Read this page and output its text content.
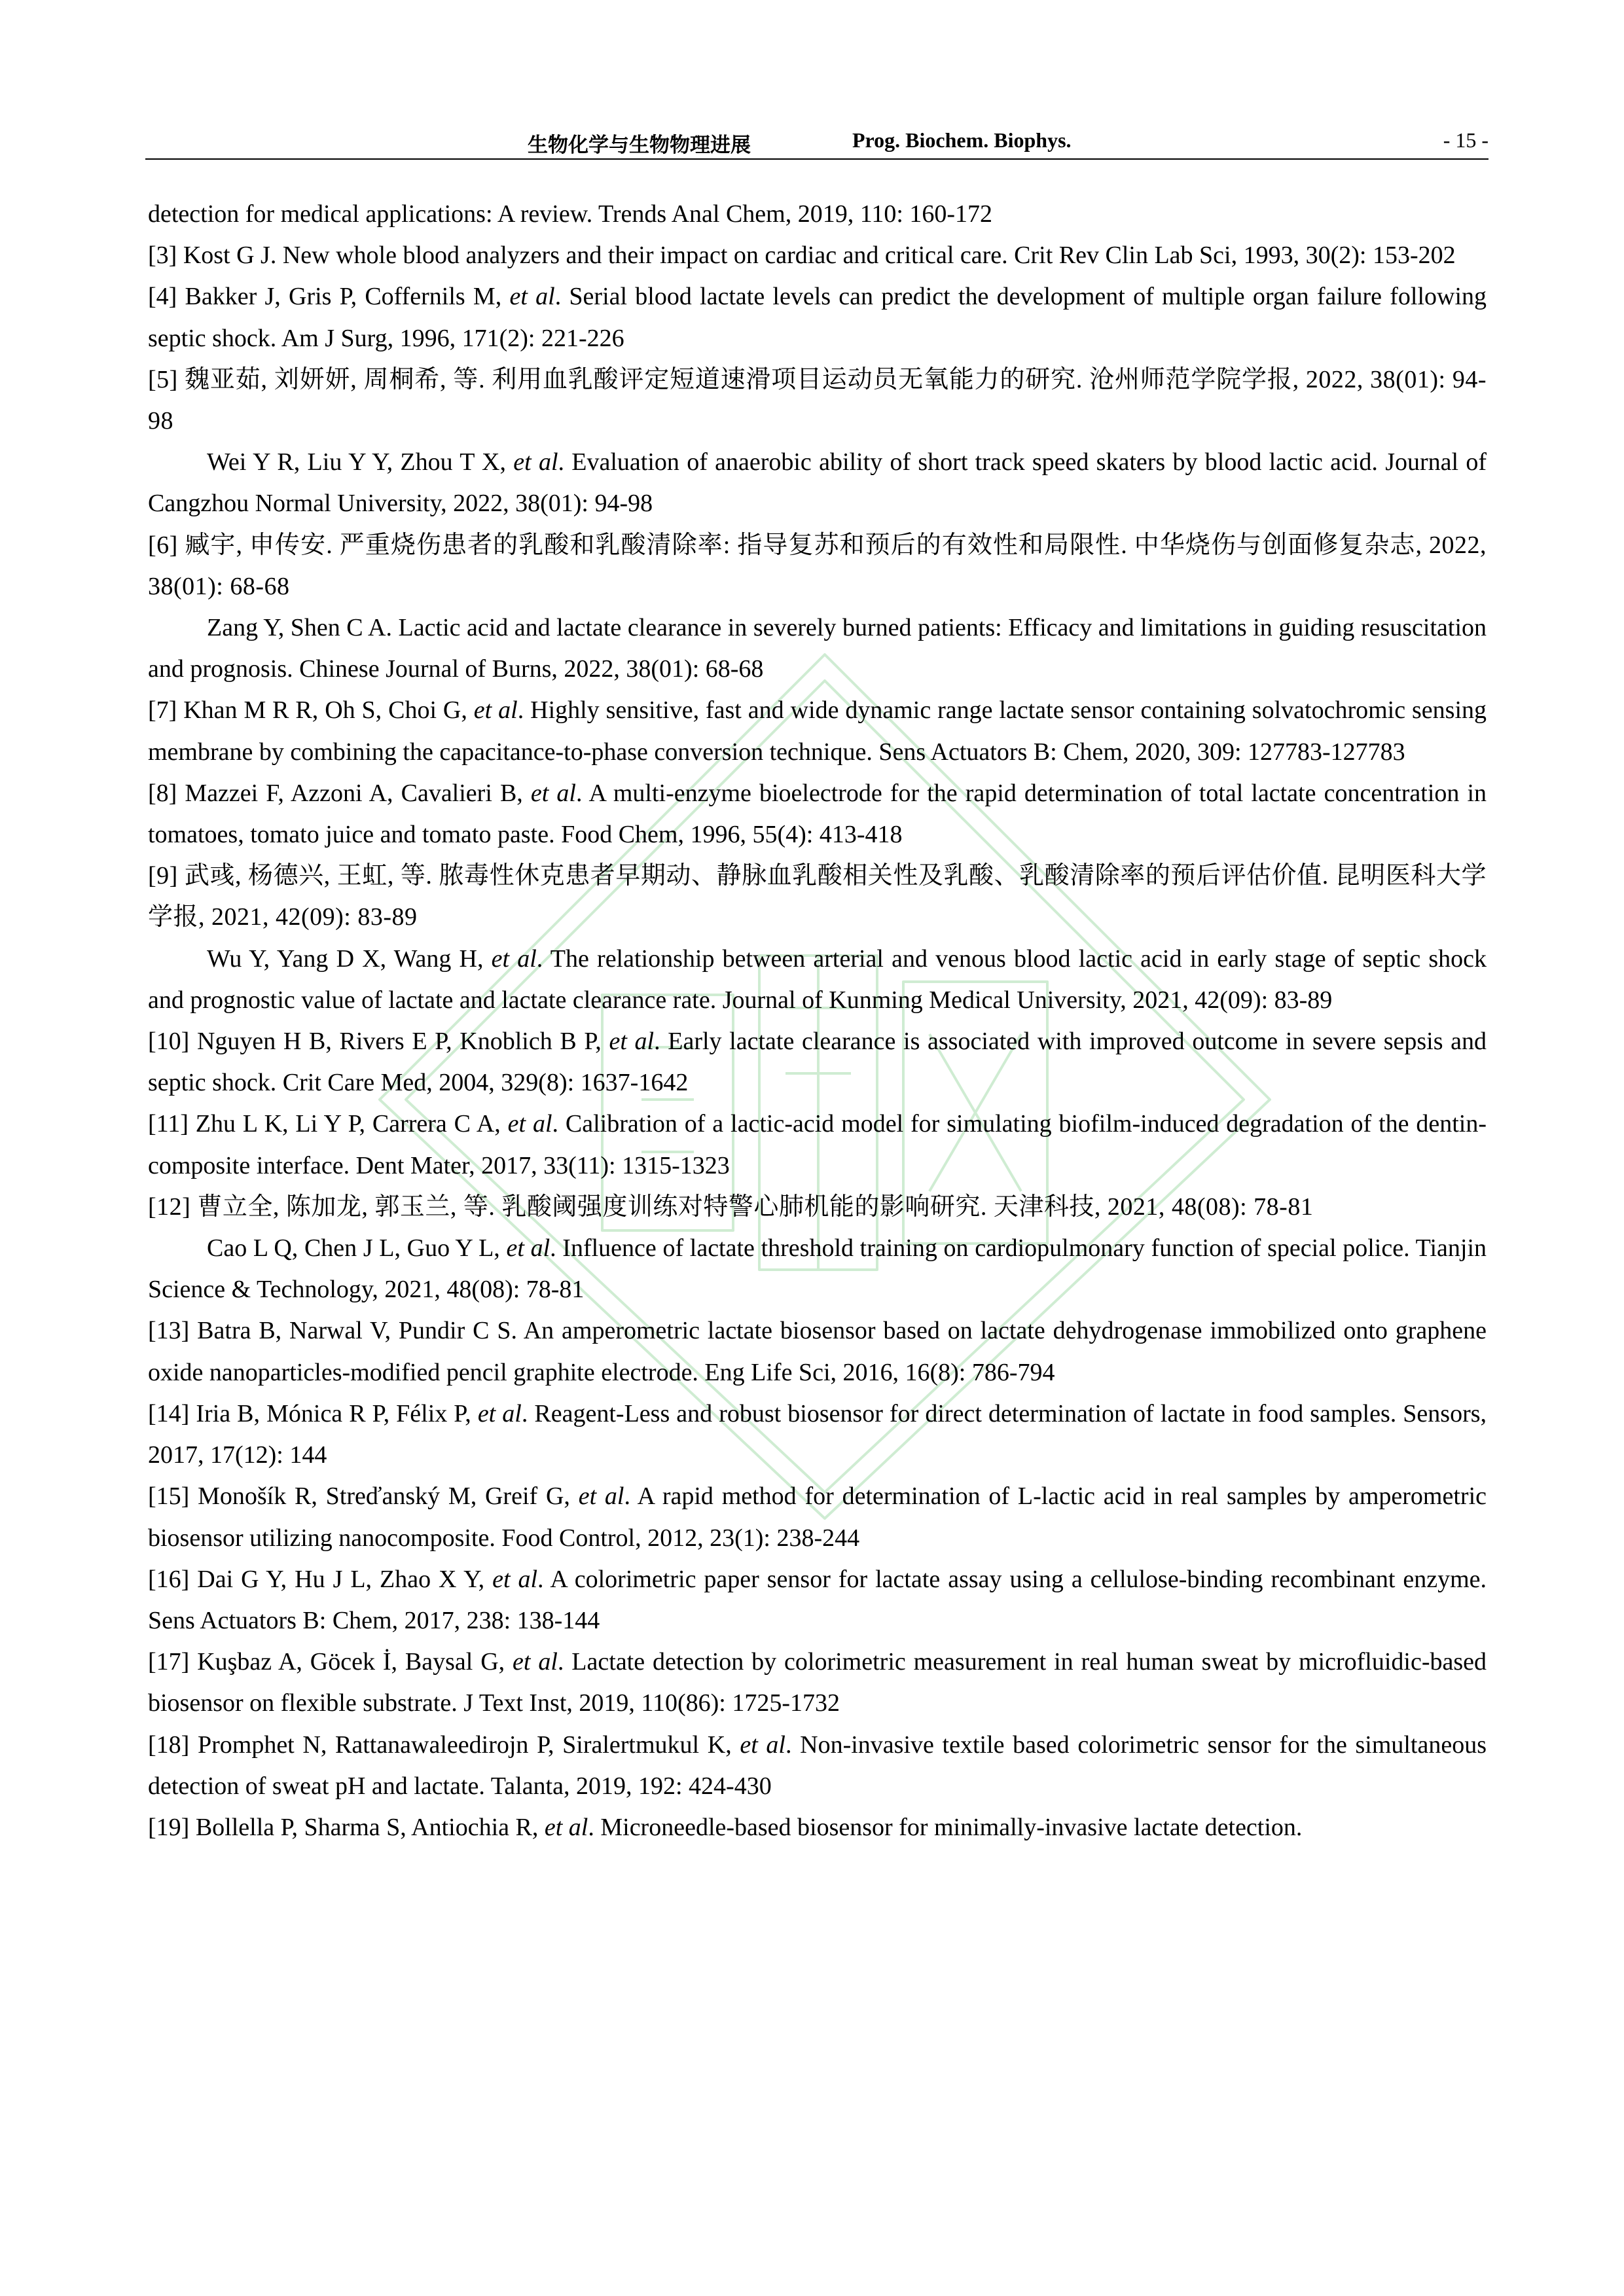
生物化学与生物物理进展	Prog. Biochem. Biophys.	- 15 -

detection for medical applications: A review. Trends Anal Chem, 2019, 110: 160-172

[3] Kost G J. New whole blood analyzers and their impact on cardiac and critical care. Crit Rev Clin Lab Sci, 1993, 30(2): 153-202

[4] Bakker J, Gris P, Coffernils M, et al. Serial blood lactate levels can predict the development of multiple organ failure following septic shock. Am J Surg, 1996, 171(2): 221-226

[5] 魏亚茹, 刘妍妍, 周桐希, 等. 利用血乳酸评定短道速滑项目运动员无氧能力的研究. 沧州师范学院学报, 2022, 38(01): 94-98

Wei Y R, Liu Y Y, Zhou T X, et al. Evaluation of anaerobic ability of short track speed skaters by blood lactic acid. Journal of Cangzhou Normal University, 2022, 38(01): 94-98

[6] 臧宇, 申传安. 严重烧伤患者的乳酸和乳酸清除率: 指导复苏和预后的有效性和局限性. 中华烧伤与创面修复杂志, 2022, 38(01): 68-68

Zang Y, Shen C A. Lactic acid and lactate clearance in severely burned patients: Efficacy and limitations in guiding resuscitation and prognosis. Chinese Journal of Burns, 2022, 38(01): 68-68

[7] Khan M R R, Oh S, Choi G, et al. Highly sensitive, fast and wide dynamic range lactate sensor containing solvatochromic sensing membrane by combining the capacitance-to-phase conversion technique. Sens Actuators B: Chem, 2020, 309: 127783-127783

[8] Mazzei F, Azzoni A, Cavalieri B, et al. A multi-enzyme bioelectrode for the rapid determination of total lactate concentration in tomatoes, tomato juice and tomato paste. Food Chem, 1996, 55(4): 413-418

[9] 武彧, 杨德兴, 王虹, 等. 脓毒性休克患者早期动、静脉血乳酸相关性及乳酸、乳酸清除率的预后评估价值. 昆明医科大学学报, 2021, 42(09): 83-89

Wu Y, Yang D X, Wang H, et al. The relationship between arterial and venous blood lactic acid in early stage of septic shock and prognostic value of lactate and lactate clearance rate. Journal of Kunming Medical University, 2021, 42(09): 83-89

[10] Nguyen H B, Rivers E P, Knoblich B P, et al. Early lactate clearance is associated with improved outcome in severe sepsis and septic shock. Crit Care Med, 2004, 329(8): 1637-1642

[11] Zhu L K, Li Y P, Carrera C A, et al. Calibration of a lactic-acid model for simulating biofilm-induced degradation of the dentin-composite interface. Dent Mater, 2017, 33(11): 1315-1323

[12] 曹立全, 陈加龙, 郭玉兰, 等. 乳酸阈强度训练对特警心肺机能的影响研究. 天津科技, 2021, 48(08): 78-81

Cao L Q, Chen J L, Guo Y L, et al. Influence of lactate threshold training on cardiopulmonary function of special police. Tianjin Science & Technology, 2021, 48(08): 78-81

[13] Batra B, Narwal V, Pundir C S. An amperometric lactate biosensor based on lactate dehydrogenase immobilized onto graphene oxide nanoparticles-modified pencil graphite electrode. Eng Life Sci, 2016, 16(8): 786-794

[14] Iria B, Mónica R P, Félix P, et al. Reagent-Less and robust biosensor for direct determination of lactate in food samples. Sensors, 2017, 17(12): 144

[15] Monošík R, Streďanský M, Greif G, et al. A rapid method for determination of L-lactic acid in real samples by amperometric biosensor utilizing nanocomposite. Food Control, 2012, 23(1): 238-244

[16] Dai G Y, Hu J L, Zhao X Y, et al. A colorimetric paper sensor for lactate assay using a cellulose-binding recombinant enzyme. Sens Actuators B: Chem, 2017, 238: 138-144

[17] Kuşbaz A, Göcek İ, Baysal G, et al. Lactate detection by colorimetric measurement in real human sweat by microfluidic-based biosensor on flexible substrate. J Text Inst, 2019, 110(86): 1725-1732

[18] Promphet N, Rattanawaleedirojn P, Siralertmukul K, et al. Non-invasive textile based colorimetric sensor for the simultaneous detection of sweat pH and lactate. Talanta, 2019, 192: 424-430

[19] Bollella P, Sharma S, Antiochia R, et al. Microneedle-based biosensor for minimally-invasive lactate detection.
